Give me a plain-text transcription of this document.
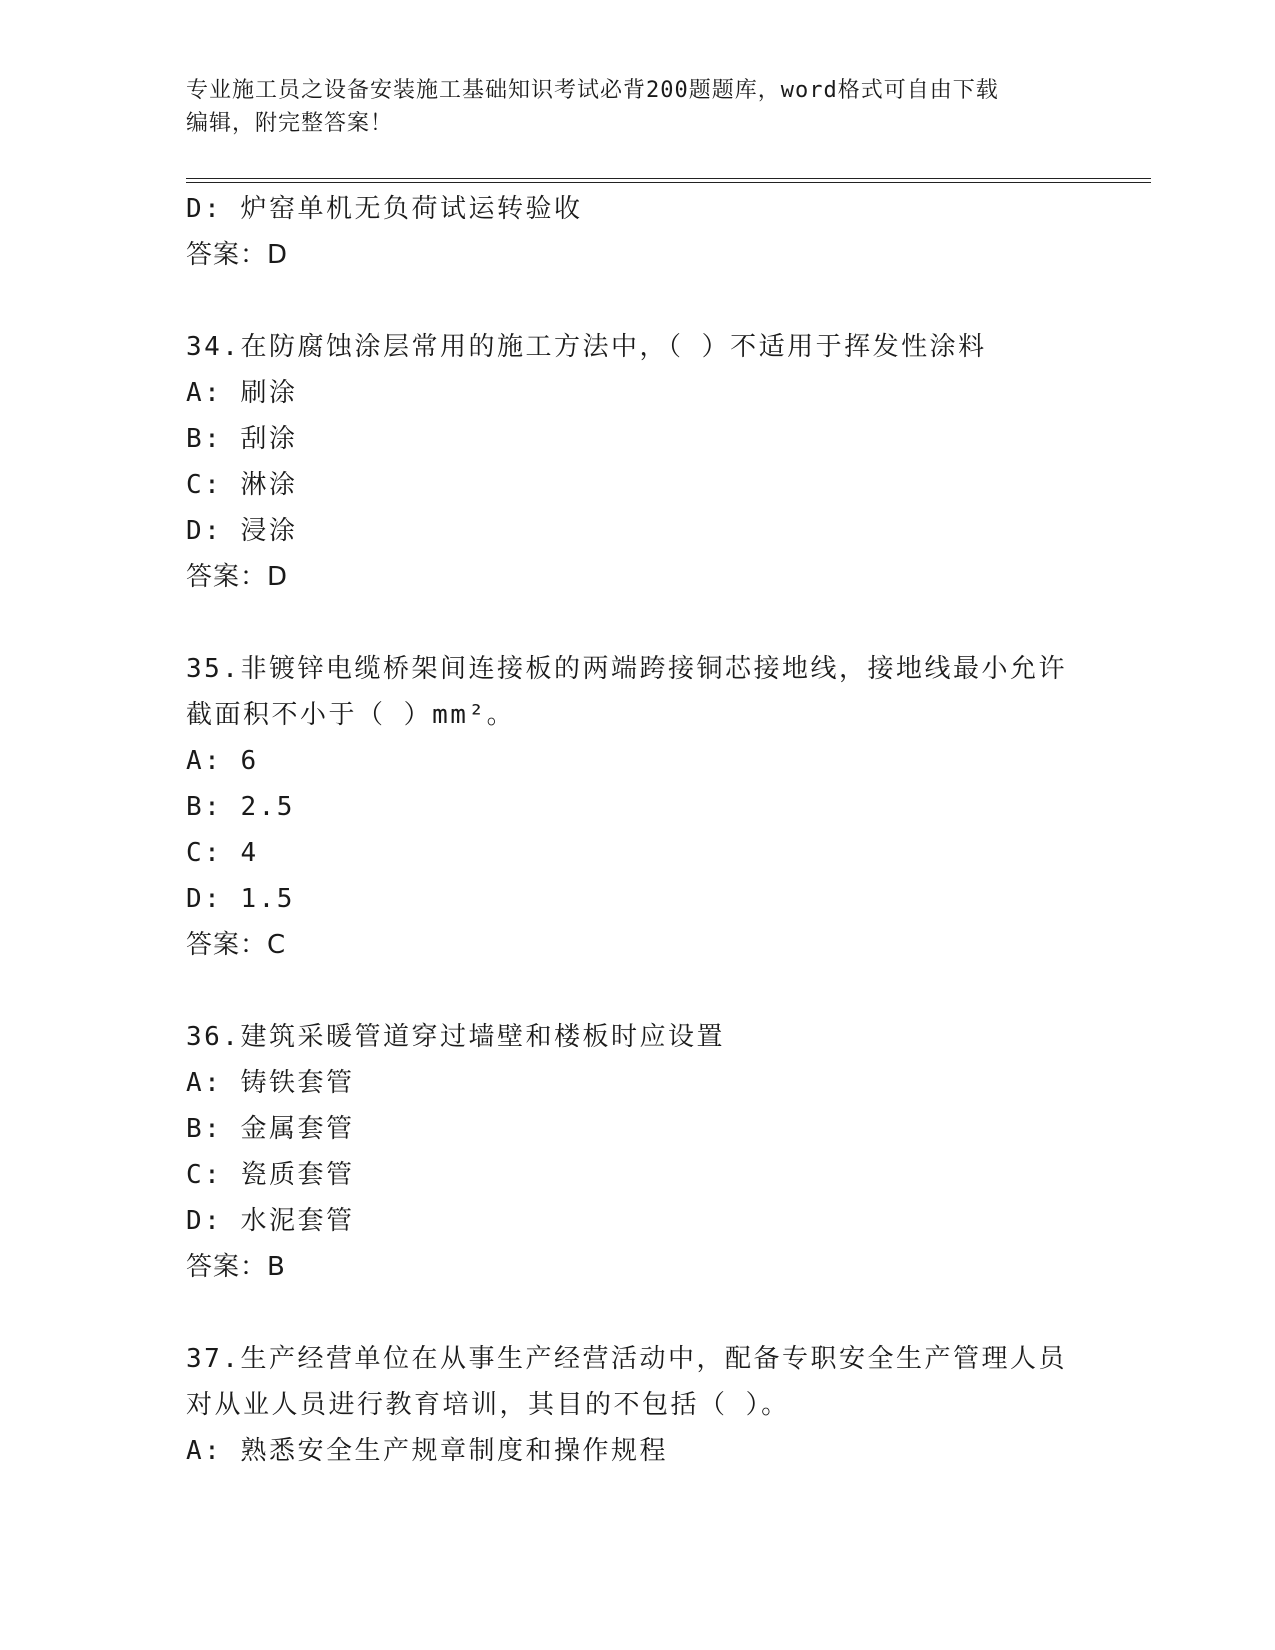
专业施工员之设备安装施工基础知识考试必背200题题库，word格式可自由下载
编辑，附完整答案！
D: 炉窑单机无负荷试运转验收
答案：D
34.在防腐蚀涂层常用的施工方法中，（ ）不适用于挥发性涂料
A: 刷涂
B: 刮涂
C: 淋涂
D: 浸涂
答案：D
35.非镀锌电缆桥架间连接板的两端跨接铜芯接地线，接地线最小允许
截面积不小于（ ）mm²。
A: 6
B: 2.5
C: 4
D: 1.5
答案：C
36.建筑采暖管道穿过墙壁和楼板时应设置
A: 铸铁套管
B: 金属套管
C: 瓷质套管
D: 水泥套管
答案：B
37.生产经营单位在从事生产经营活动中，配备专职安全生产管理人员
对从业人员进行教育培训，其目的不包括（ ）。
A: 熟悉安全生产规章制度和操作规程
